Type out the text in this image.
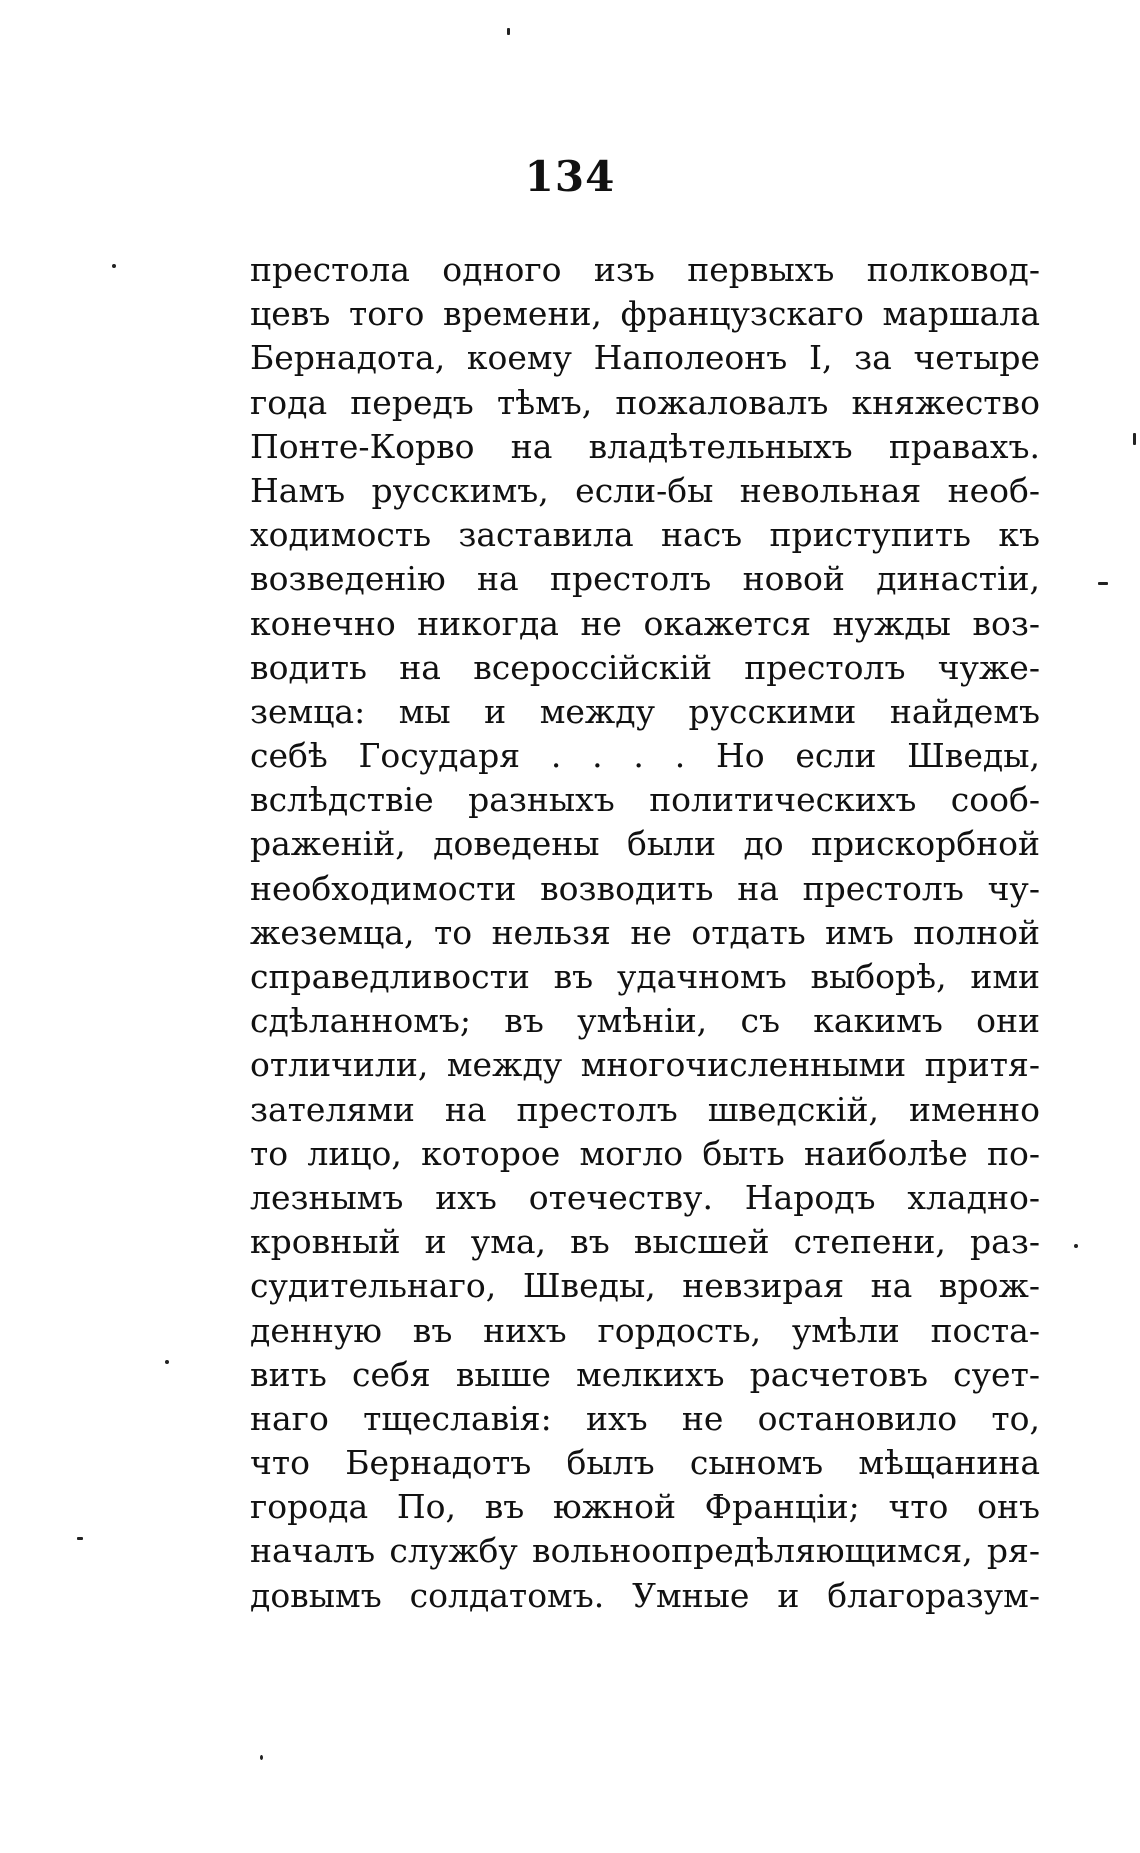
134
престола одного изъ первыхъ полковод-
цевъ того времени, французскаго маршала
Бернадота, коему Наполеонъ I, за четыре
года передъ тѣмъ, пожаловалъ княжество
Понте-Корво на владѣтельныхъ правахъ.
Намъ русскимъ, если-бы невольная необ-
ходимость заставила насъ приступить къ
возведенію на престолъ новой династіи,
конечно никогда не окажется нужды воз-
водить на всероссійскій престолъ чуже-
земца: мы и между русскими найдемъ
себѣ Государя . . . . Но если Шведы,
вслѣдствіе разныхъ политическихъ сооб-
раженій, доведены были до прискорбной
необходимости возводить на престолъ чу-
жеземца, то нельзя не отдать имъ полной
справедливости въ удачномъ выборѣ, ими
сдѣланномъ; въ умѣніи, съ какимъ они
отличили, между многочисленными притя-
зателями на престолъ шведскій, именно
то лицо, которое могло быть наиболѣе по-
лезнымъ ихъ отечеству. Народъ хладно-
кровный и ума, въ высшей степени, раз-
судительнаго, Шведы, невзирая на врож-
денную въ нихъ гордость, умѣли поста-
вить себя выше мелкихъ расчетовъ сует-
наго тщеславія: ихъ не остановило то,
что Бернадотъ былъ сыномъ мѣщанина
города По, въ южной Франціи; что онъ
началъ службу вольноопредѣляющимся, ря-
довымъ солдатомъ. Умные и благоразум-
